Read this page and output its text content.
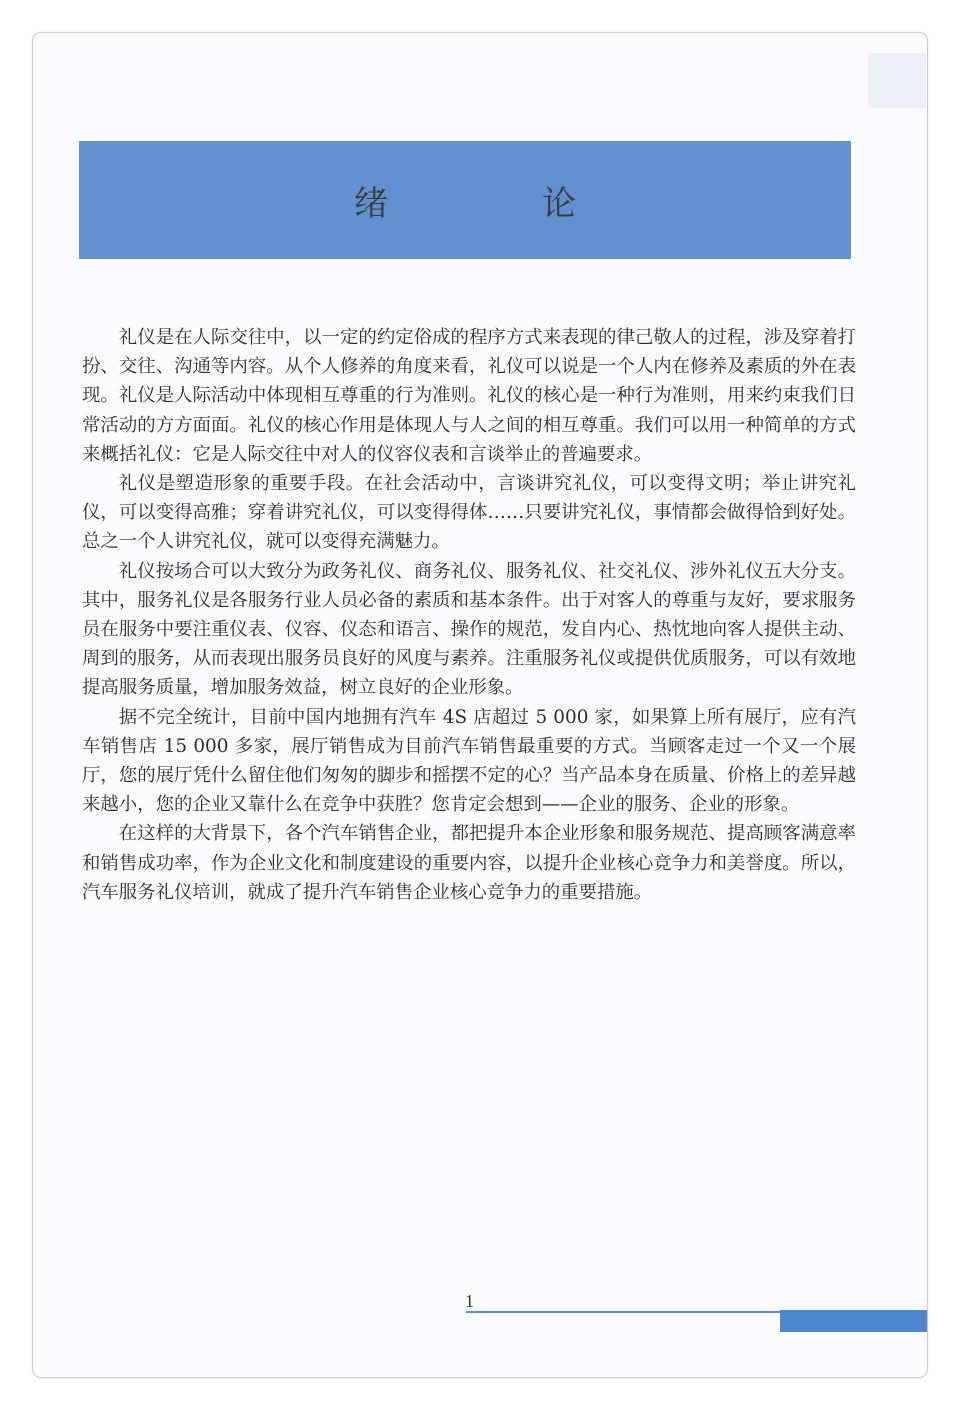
绪　论

礼仪是在人际交往中，以一定的约定俗成的程序方式来表现的律己敬人的过程，涉及穿着打扮、交往、沟通等内容。从个人修养的角度来看，礼仪可以说是一个人内在修养及素质的外在表现。礼仪是人际活动中体现相互尊重的行为准则。礼仪的核心是一种行为准则，用来约束我们日常活动的方方面面。礼仪的核心作用是体现人与人之间的相互尊重。我们可以用一种简单的方式来概括礼仪：它是人际交往中对人的仪容仪表和言谈举止的普遍要求。

礼仪是塑造形象的重要手段。在社会活动中，言谈讲究礼仪，可以变得文明；举止讲究礼仪，可以变得高雅；穿着讲究礼仪，可以变得得体……只要讲究礼仪，事情都会做得恰到好处。总之一个人讲究礼仪，就可以变得充满魅力。

礼仪按场合可以大致分为政务礼仪、商务礼仪、服务礼仪、社交礼仪、涉外礼仪五大分支。其中，服务礼仪是各服务行业人员必备的素质和基本条件。出于对客人的尊重与友好，要求服务员在服务中要注重仪表、仪容、仪态和语言、操作的规范，发自内心、热忱地向客人提供主动、周到的服务，从而表现出服务员良好的风度与素养。注重服务礼仪或提供优质服务，可以有效地提高服务质量，增加服务效益，树立良好的企业形象。

据不完全统计，目前中国内地拥有汽车 4S 店超过 5 000 家，如果算上所有展厅，应有汽车销售店 15 000 多家，展厅销售成为目前汽车销售最重要的方式。当顾客走过一个又一个展厅，您的展厅凭什么留住他们匆匆的脚步和摇摆不定的心？当产品本身在质量、价格上的差异越来越小，您的企业又靠什么在竞争中获胜？您肯定会想到——企业的服务、企业的形象。

在这样的大背景下，各个汽车销售企业，都把提升本企业形象和服务规范、提高顾客满意率和销售成功率，作为企业文化和制度建设的重要内容，以提升企业核心竞争力和美誉度。所以，汽车服务礼仪培训，就成了提升汽车销售企业核心竞争力的重要措施。

1
